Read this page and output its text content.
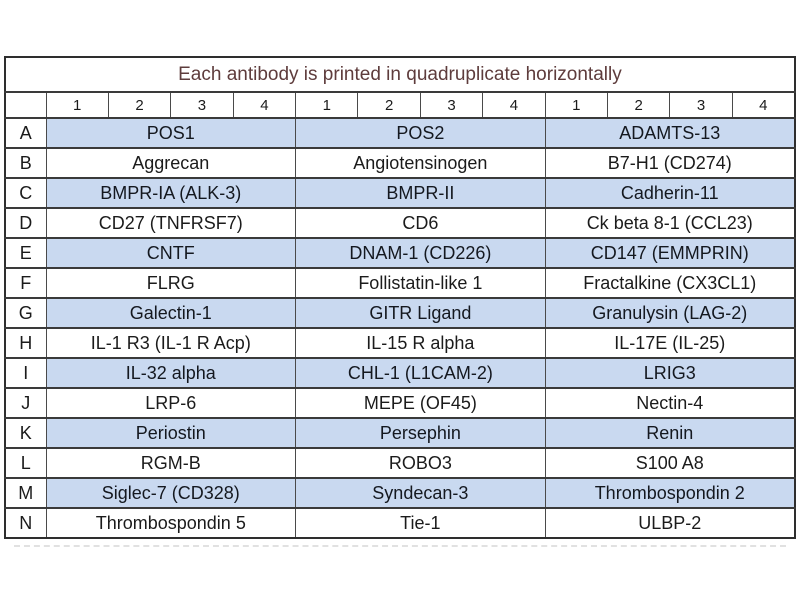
Each antibody is printed in quadruplicate horizontally												
	1	2	3	4	1	2	3	4	1	2	3	4
A	POS1				POS2				ADAMTS-13			
B	Aggrecan				Angiotensinogen				B7-H1 (CD274)			
C	BMPR-IA (ALK-3)				BMPR-II				Cadherin-11			
D	CD27 (TNFRSF7)				CD6				Ck beta 8-1 (CCL23)			
E	CNTF				DNAM-1 (CD226)				CD147 (EMMPRIN)			
F	FLRG				Follistatin-like 1				Fractalkine (CX3CL1)			
G	Galectin-1				GITR Ligand				Granulysin (LAG-2)			
H	IL-1 R3 (IL-1 R Acp)				IL-15 R alpha				IL-17E (IL-25)			
I	IL-32 alpha				CHL-1 (L1CAM-2)				LRIG3			
J	LRP-6				MEPE (OF45)				Nectin-4			
K	Periostin				Persephin				Renin			
L	RGM-B				ROBO3				S100 A8			
M	Siglec-7 (CD328)				Syndecan-3				Thrombospondin 2			
N	Thrombospondin 5				Tie-1				ULBP-2			
